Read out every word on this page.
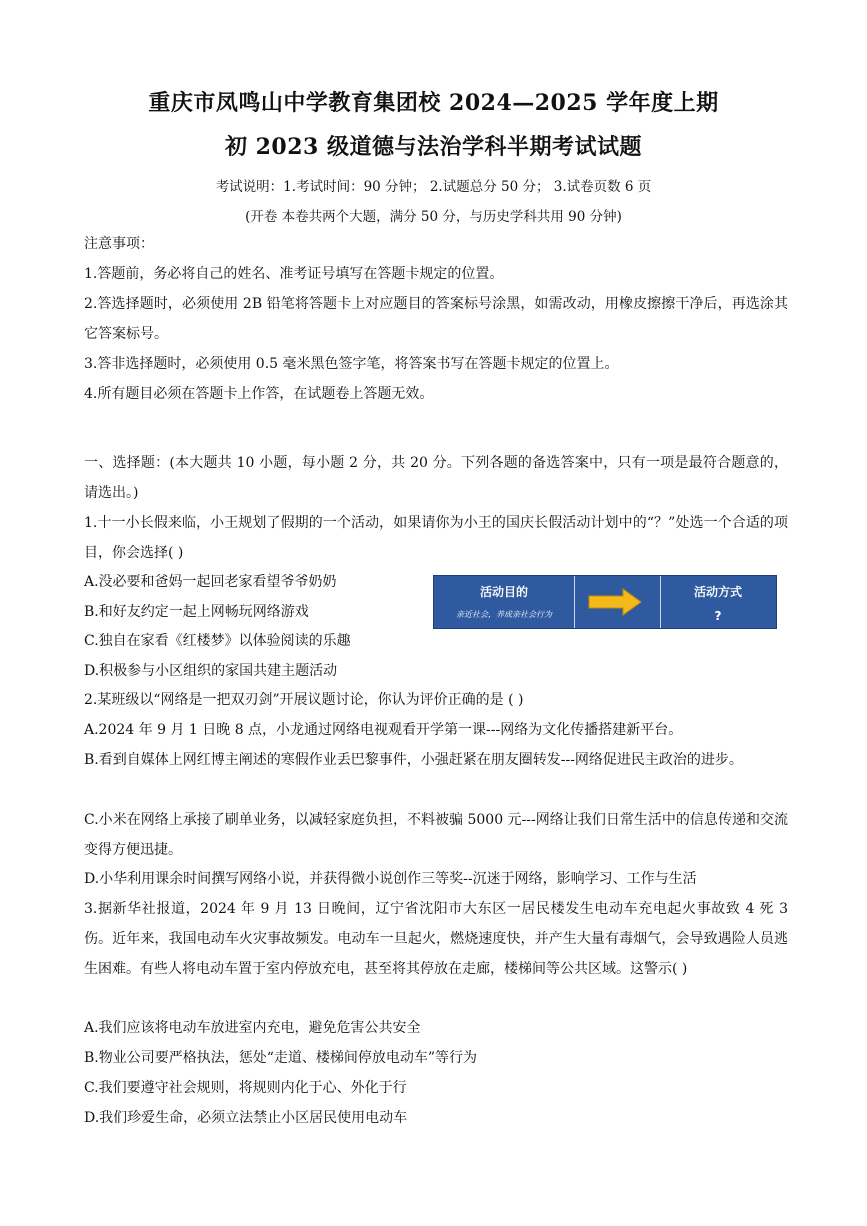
重庆市凤鸣山中学教育集团校 2024—2025 学年度上期
初 2023 级道德与法治学科半期考试试题
考试说明：1.考试时间：90 分钟； 2.试题总分 50 分； 3.试卷页数 6 页
(开卷 本卷共两个大题，满分 50 分，与历史学科共用 90 分钟)
注意事项：
1.答题前，务必将自己的姓名、准考证号填写在答题卡规定的位置。
2.答选择题时，必须使用 2B 铅笔将答题卡上对应题目的答案标号涂黑，如需改动，用橡皮擦擦干净后，再选涂其它答案标号。
3.答非选择题时，必须使用 0.5 毫米黑色签字笔，将答案书写在答题卡规定的位置上。
4.所有题目必须在答题卡上作答，在试题卷上答题无效。
一、选择题：(本大题共 10 小题，每小题 2 分，共 20 分。下列各题的备选答案中，只有一项是最符合题意的，请选出。)
1.十一小长假来临，小王规划了假期的一个活动，如果请你为小王的国庆长假活动计划中的“？”处选一个合适的项目，你会选择( )
A.没必要和爸妈一起回老家看望爷爷奶奶
B.和好友约定一起上网畅玩网络游戏
C.独自在家看《红楼梦》以体验阅读的乐趣
D.积极参与小区组织的家国共建主题活动
活动目的
亲近社会，养成亲社会行为
活动方式
?
2.某班级以“网络是一把双刃剑”开展议题讨论，你认为评价正确的是 ( )
A.2024 年 9 月 1 日晚 8 点，小龙通过网络电视观看开学第一课---网络为文化传播搭建新平台。
B.看到自媒体上网红博主阐述的寒假作业丢巴黎事件，小强赶紧在朋友圈转发---网络促进民主政治的进步。
C.小米在网络上承接了刷单业务，以减轻家庭负担，不料被骗 5000 元---网络让我们日常生活中的信息传递和交流变得方便迅捷。
D.小华利用课余时间撰写网络小说，并获得微小说创作三等奖--沉迷于网络，影响学习、工作与生活
3.据新华社报道，2024 年 9 月 13 日晚间，辽宁省沈阳市大东区一居民楼发生电动车充电起火事故致 4 死 3 伤。近年来，我国电动车火灾事故频发。电动车一旦起火，燃烧速度快，并产生大量有毒烟气，会导致遇险人员逃生困难。有些人将电动车置于室内停放充电，甚至将其停放在走廊，楼梯间等公共区域。这警示( )
A.我们应该将电动车放进室内充电，避免危害公共安全
B.物业公司要严格执法，惩处“走道、楼梯间停放电动车”等行为
C.我们要遵守社会规则，将规则内化于心、外化于行
D.我们珍爱生命，必须立法禁止小区居民使用电动车
